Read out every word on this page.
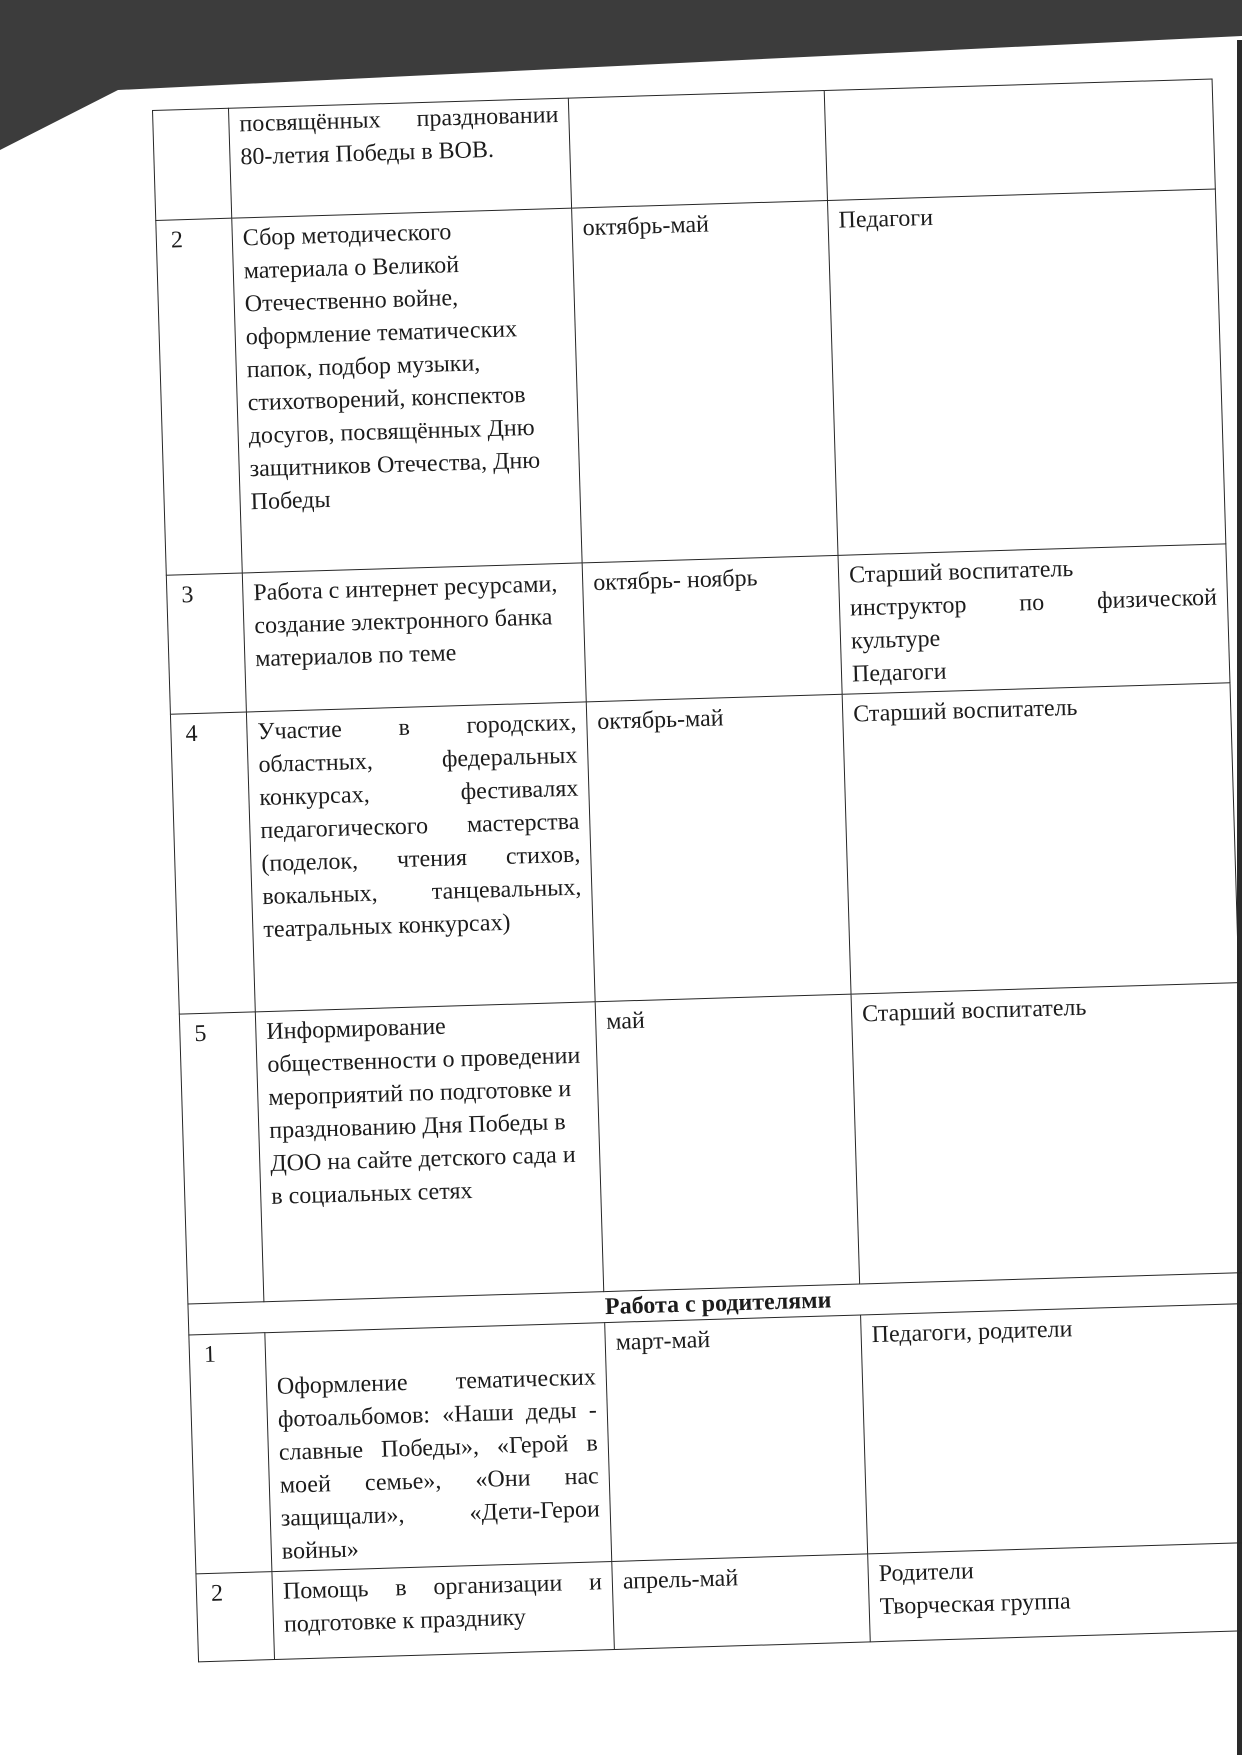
	посвящённых праздновании 80-летия Победы в ВОВ.		
2	Сбор методического материала о Великой Отечественно войне, оформление тематических папок, подбор музыки, стихотворений, конспектов досугов, посвящённых Дню защитников Отечества, Дню Победы	октябрь-май	Педагоги
3	Работа с интернет ресурсами, создание электронного банка материалов по теме	октябрь- ноябрь	Старший воспитатель
инструктор по физической культуре
Педагоги

4	Участие в городских, областных, федеральных конкурсах, фестивалях педагогического мастерства (поделок, чтения стихов, вокальных, танцевальных, театральных конкурсах)	октябрь-май	Старший воспитатель
5	Информирование общественности о проведении мероприятий по подготовке и празднованию Дня Победы в ДОО на сайте детского сада и в социальных сетях	май	Старший воспитатель
Работа с родителями			
1	Оформление тематических фотоальбомов: «Наши деды - славные Победы», «Герой в моей семье», «Они нас защищали», «Дети-Герои войны»	март-май	Педагоги, родители
2	Помощь в организации и подготовке к празднику	апрель-май	Родители
Творческая группа
